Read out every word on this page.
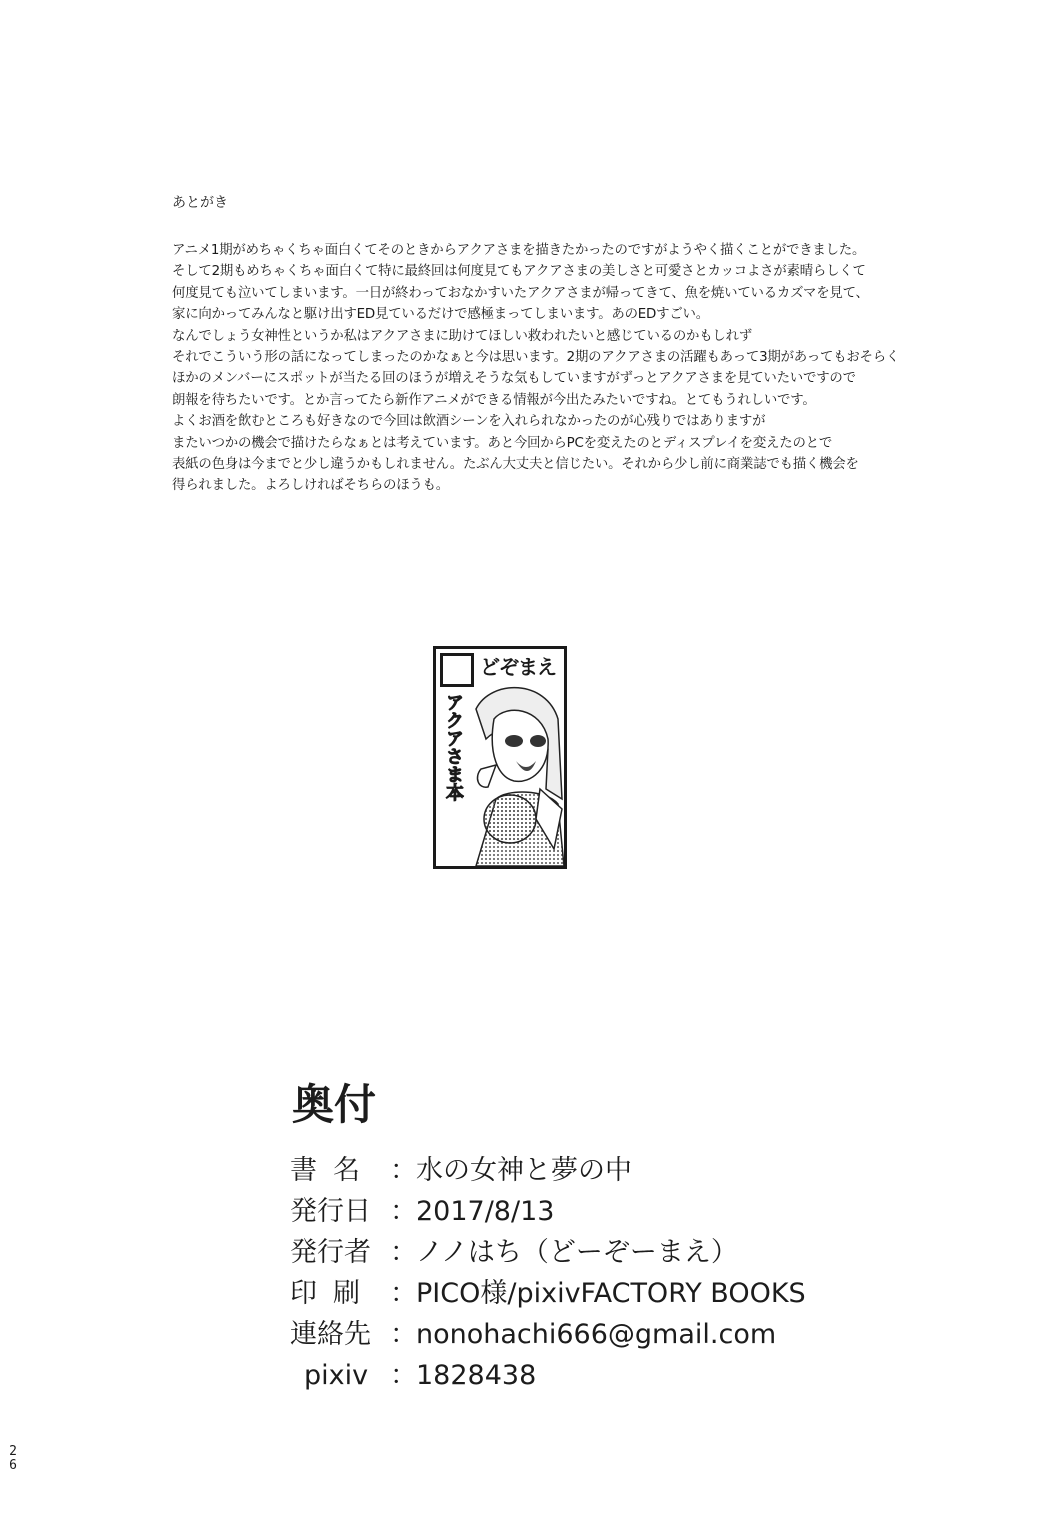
あとがき
アニメ1期がめちゃくちゃ面白くてそのときからアクアさまを描きたかったのですがようやく描くことができました。
そして2期もめちゃくちゃ面白くて特に最終回は何度見てもアクアさまの美しさと可愛さとカッコよさが素晴らしくて
何度見ても泣いてしまいます。一日が終わっておなかすいたアクアさまが帰ってきて、魚を焼いているカズマを見て、
家に向かってみんなと駆け出すED見ているだけで感極まってしまいます。あのEDすごい。
なんでしょう女神性というか私はアクアさまに助けてほしい救われたいと感じているのかもしれず
それでこういう形の話になってしまったのかなぁと今は思います。2期のアクアさまの活躍もあって3期があってもおそらく
ほかのメンバーにスポットが当たる回のほうが増えそうな気もしていますがずっとアクアさまを見ていたいですので
朗報を待ちたいです。とか言ってたら新作アニメができる情報が今出たみたいですね。とてもうれしいです。
よくお酒を飲むところも好きなので今回は飲酒シーンを入れられなかったのが心残りではありますが
またいつかの機会で描けたらなぁとは考えています。あと今回からPCを変えたのとディスプレイを変えたのとで
表紙の色身は今までと少し違うかもしれません。たぶん大丈夫と信じたい。それから少し前に商業誌でも描く機会を
得られました。よろしければそちらのほうも。
どぞまえ
アクアさま本
奥付
書名 ： 水の女神と夢の中
発行日 ： 2017/8/13
発行者 ： ノノはち（どーぞーまえ）
印刷 ： PICO様/pixivFACTORY BOOKS
連絡先 ： nonohachi666@gmail.com
pixiv ： 1828438
2
6
